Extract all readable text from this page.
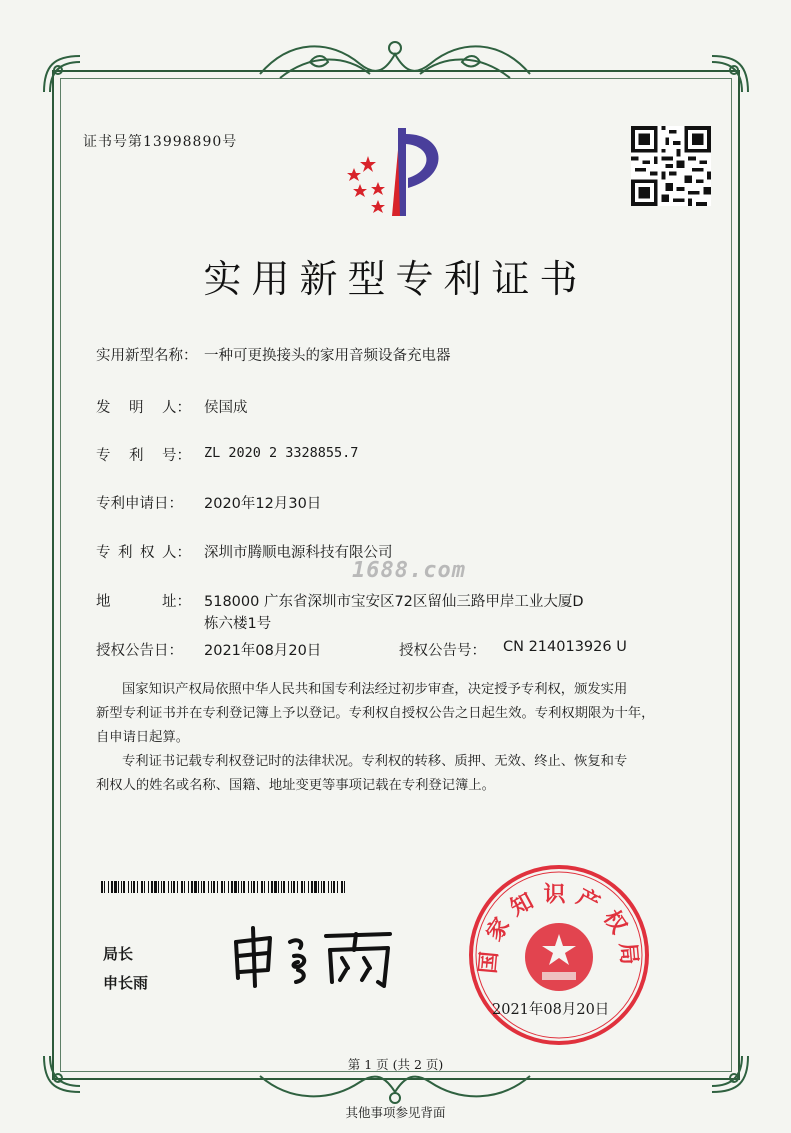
证书号第13998890号
实用新型专利证书
实用新型名称： 一种可更换接头的家用音频设备充电器
发 明 人： 侯国成
专 利 号： ZL 2020 2 3328855.7
专利申请日： 2020年12月30日
专 利 权 人： 深圳市腾顺电源科技有限公司
1688.com
地	址： 518000 广东省深圳市宝安区72区留仙三路甲岸工业大厦D
栋六楼1号
授权公告日： 2021年08月20日	授权公告号： CN 214013926 U
国家知识产权局依照中华人民共和国专利法经过初步审查，决定授予专利权，颁发实用
新型专利证书并在专利登记簿上予以登记。专利权自授权公告之日起生效。专利权期限为十年，
自申请日起算。
专利证书记载专利权登记时的法律状况。专利权的转移、质押、无效、终止、恢复和专
利权人的姓名或名称、国籍、地址变更等事项记载在专利登记簿上。
局长
申长雨
国家知识产权局
2021年08月20日
第 1 页 (共 2 页)
其他事项参见背面
